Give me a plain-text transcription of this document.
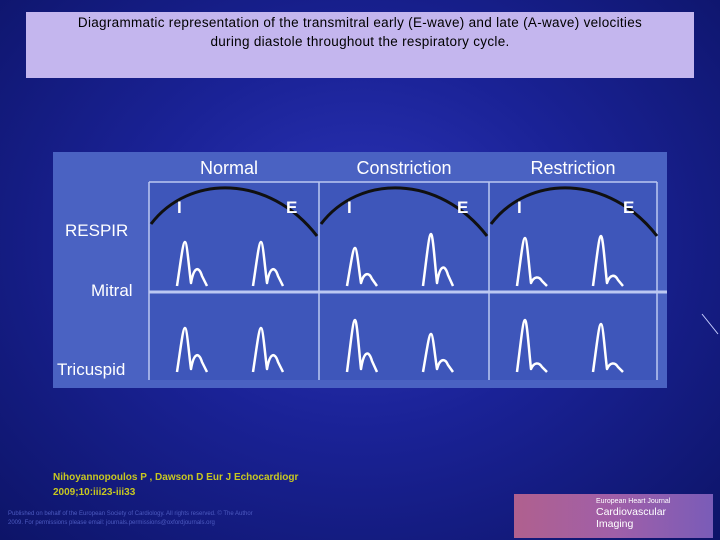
Diagrammatic representation of the transmitral early (E-wave) and late (A-wave) velocities
during diastole throughout the respiratory cycle.
Normal	Constriction	Restriction
RESPIR
Mitral
Tricuspid
I	E	I	E	I	E
Nihoyannopoulos P , Dawson D Eur J Echocardiogr
2009;10:iii23-iii33
Published on behalf of the European Society of Cardiology. All rights reserved. © The Author
2009. For permissions please email: journals.permissions@oxfordjournals.org
European Heart Journal
Cardiovascular
Imaging
